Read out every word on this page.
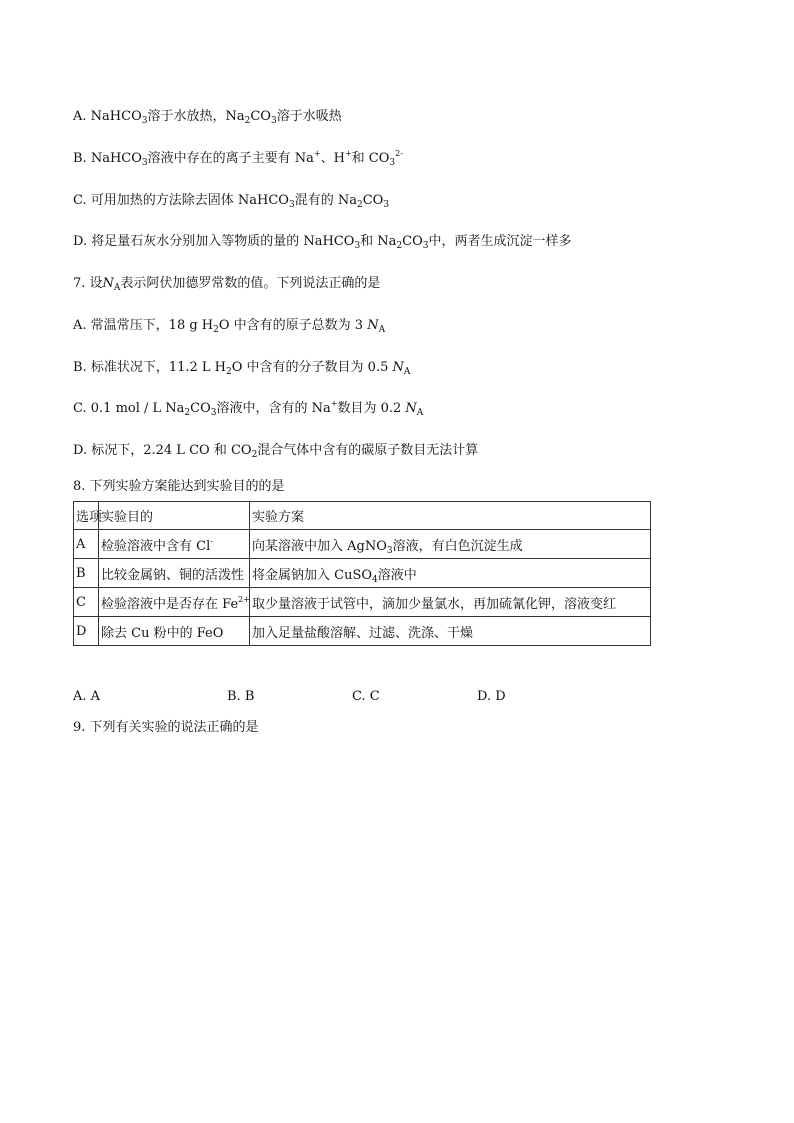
A. NaHCO$_3$溶于水放热，$Na_2CO_3$溶于水吸热
B. NaHCO$_3$溶液中存在的离子主要有 Na+、H+和 $CO_3^{2-}$
C. 可用加热的方法除去固体 NaHCO$_3$混有的 $Na_2CO_3$
D. 将足量石灰水分别加入等物质的量的 NaHCO$_3$和 $Na_2CO_3$中，两者生成沉淀一样多
7. 设$N_A$表示阿伏加德罗常数的值。下列说法正确的是
A. 常温常压下，18 g $H_2O$ 中含有的原子总数为 3 $N_A$
B. 标准状况下，11.2 L $H_2O$ 中含有的分子数目为 0.5 $N_A$
C. 0.1 mol / L $Na_2CO_3$溶液中，含有的 Na+数目为 0.2 $N_A$
D. 标况下，2.24 L CO 和 $CO_2$混合气体中含有的碳原子数目无法计算
8. 下列实验方案能达到实验目的的是
选项	实验目的	实验方案
A	检验溶液中含有 Cl-	向某溶液中加入 AgNO$_3$溶液，有白色沉淀生成
B	比较金属钠、铜的活泼性	将金属钠加入 CuSO$_4$溶液中
C	检验溶液中是否存在 $Fe^{2+}$	取少量溶液于试管中，滴加少量氯水，再加硫氰化钾，溶液变红
D	除去 Cu 粉中的 FeO	加入足量盐酸溶解、过滤、洗涤、干燥
A. A	B. B	C. C	D. D
9. 下列有关实验的说法正确的是
